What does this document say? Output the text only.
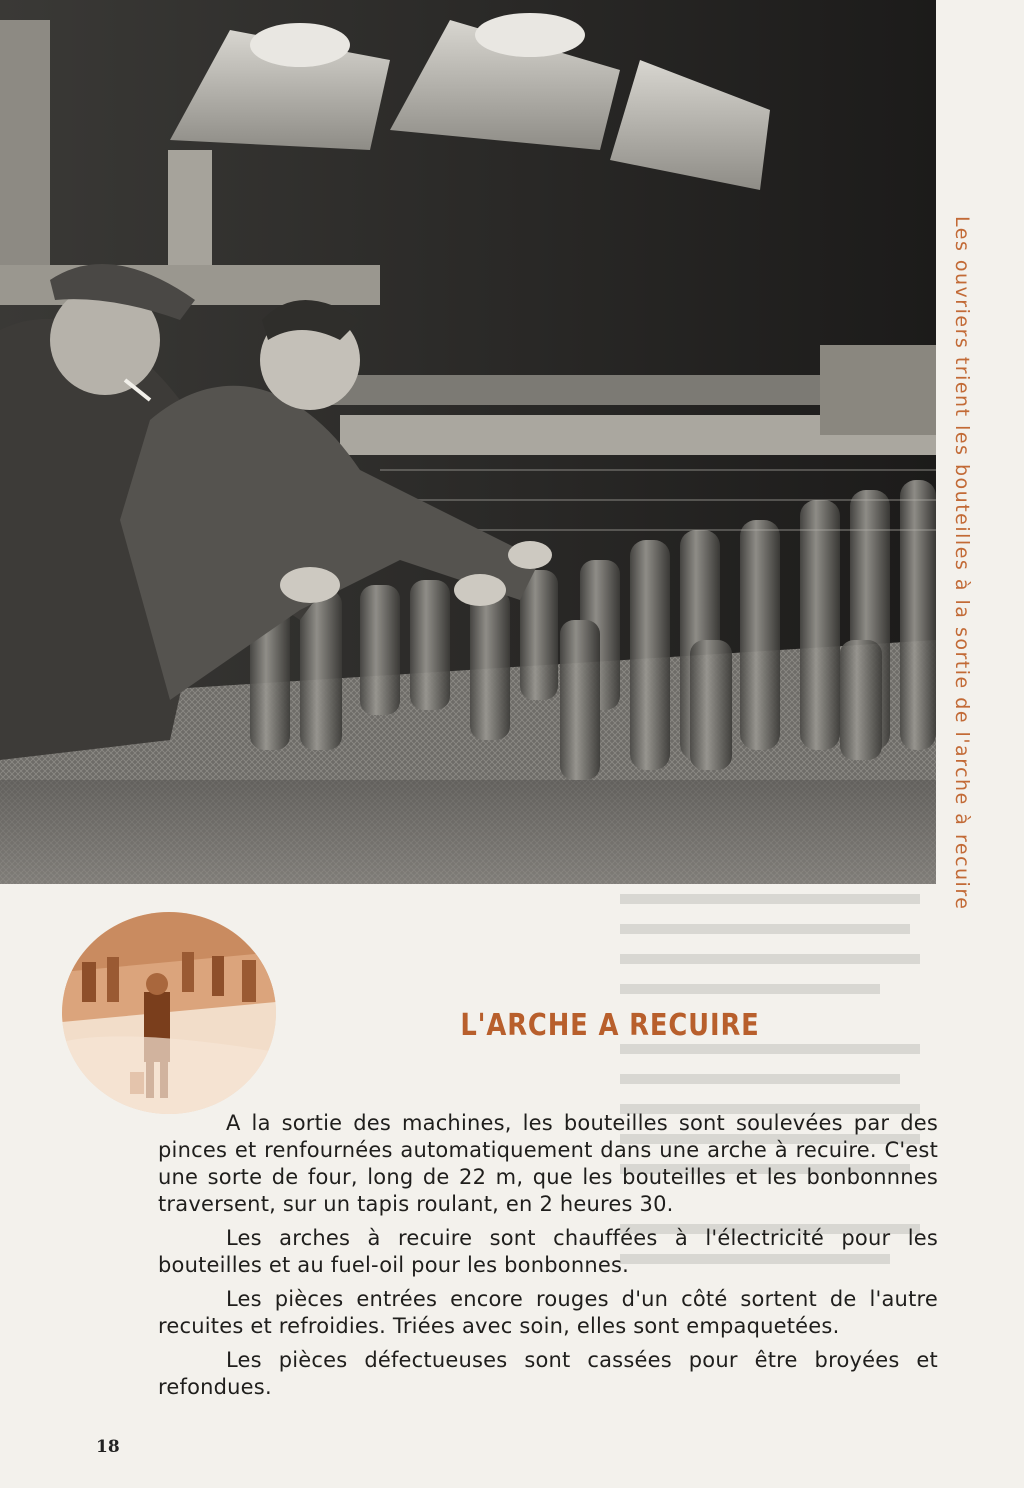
Les ouvriers trient les bouteilles à la sortie de l'arche à recuire
L'ARCHE A RECUIRE

A la sortie des machines, les bouteilles sont soulevées par des pinces et renfournées automatiquement dans une arche à recuire. C'est une sorte de four, long de 22 m, que les bouteilles et les bonbonnnes traversent, sur un tapis roulant, en 2 heures 30.

Les arches à recuire sont chauffées à l'électricité pour les bouteilles et au fuel-oil pour les bonbonnes.

Les pièces entrées encore rouges d'un côté sortent de l'autre recuites et refroidies. Triées avec soin, elles sont empaquetées.

Les pièces défectueuses sont cassées pour être broyées et refondues.

18
